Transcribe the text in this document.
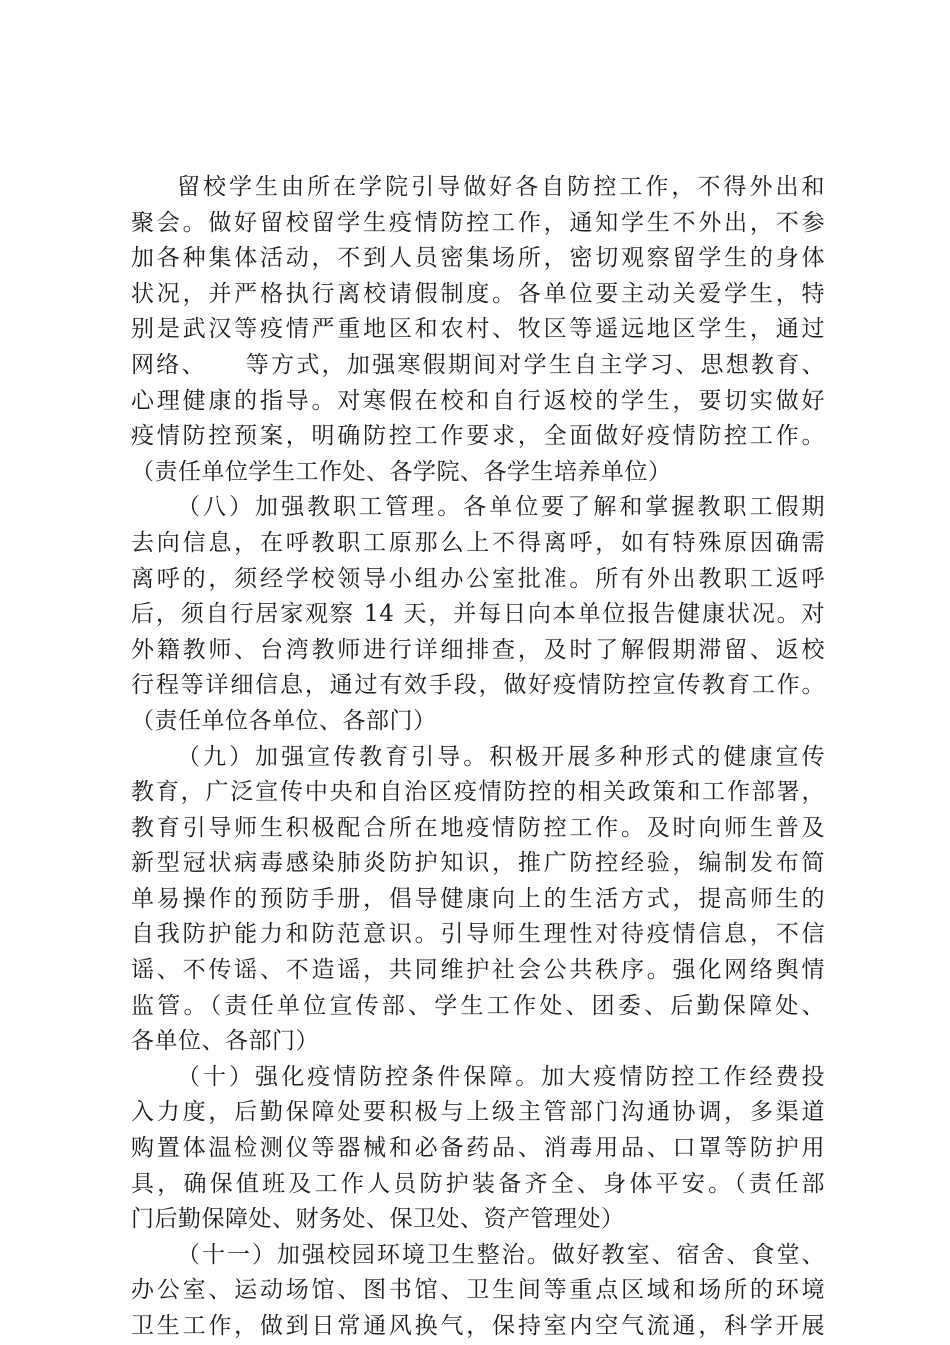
留校学生由所在学院引导做好各自防控工作，不得外出和
聚会。做好留校留学生疫情防控工作，通知学生不外出，不参
加各种集体活动，不到人员密集场所，密切观察留学生的身体
状况，并严格执行离校请假制度。各单位要主动关爱学生，特
别是武汉等疫情严重地区和农村、牧区等遥远地区学生，通过
网络、　　等方式，加强寒假期间对学生自主学习、思想教育、
心理健康的指导。对寒假在校和自行返校的学生，要切实做好
疫情防控预案，明确防控工作要求，全面做好疫情防控工作。
（责任单位学生工作处、各学院、各学生培养单位）
（八）加强教职工管理。各单位要了解和掌握教职工假期
去向信息，在呼教职工原那么上不得离呼，如有特殊原因确需
离呼的，须经学校领导小组办公室批准。所有外出教职工返呼
后，须自行居家观察 14 天，并每日向本单位报告健康状况。对
外籍教师、台湾教师进行详细排查，及时了解假期滞留、返校
行程等详细信息，通过有效手段，做好疫情防控宣传教育工作。
（责任单位各单位、各部门）
（九）加强宣传教育引导。积极开展多种形式的健康宣传
教育，广泛宣传中央和自治区疫情防控的相关政策和工作部署，
教育引导师生积极配合所在地疫情防控工作。及时向师生普及
新型冠状病毒感染肺炎防护知识，推广防控经验，编制发布简
单易操作的预防手册，倡导健康向上的生活方式，提高师生的
自我防护能力和防范意识。引导师生理性对待疫情信息，不信
谣、不传谣、不造谣，共同维护社会公共秩序。强化网络舆情
监管。（责任单位宣传部、学生工作处、团委、后勤保障处、
各单位、各部门）
（十）强化疫情防控条件保障。加大疫情防控工作经费投
入力度，后勤保障处要积极与上级主管部门沟通协调，多渠道
购置体温检测仪等器械和必备药品、消毒用品、口罩等防护用
具，确保值班及工作人员防护装备齐全、身体平安。（责任部
门后勤保障处、财务处、保卫处、资产管理处）
（十一）加强校园环境卫生整治。做好教室、宿舍、食堂、
办公室、运动场馆、图书馆、卫生间等重点区域和场所的环境
卫生工作，做到日常通风换气，保持室内空气流通，科学开展
